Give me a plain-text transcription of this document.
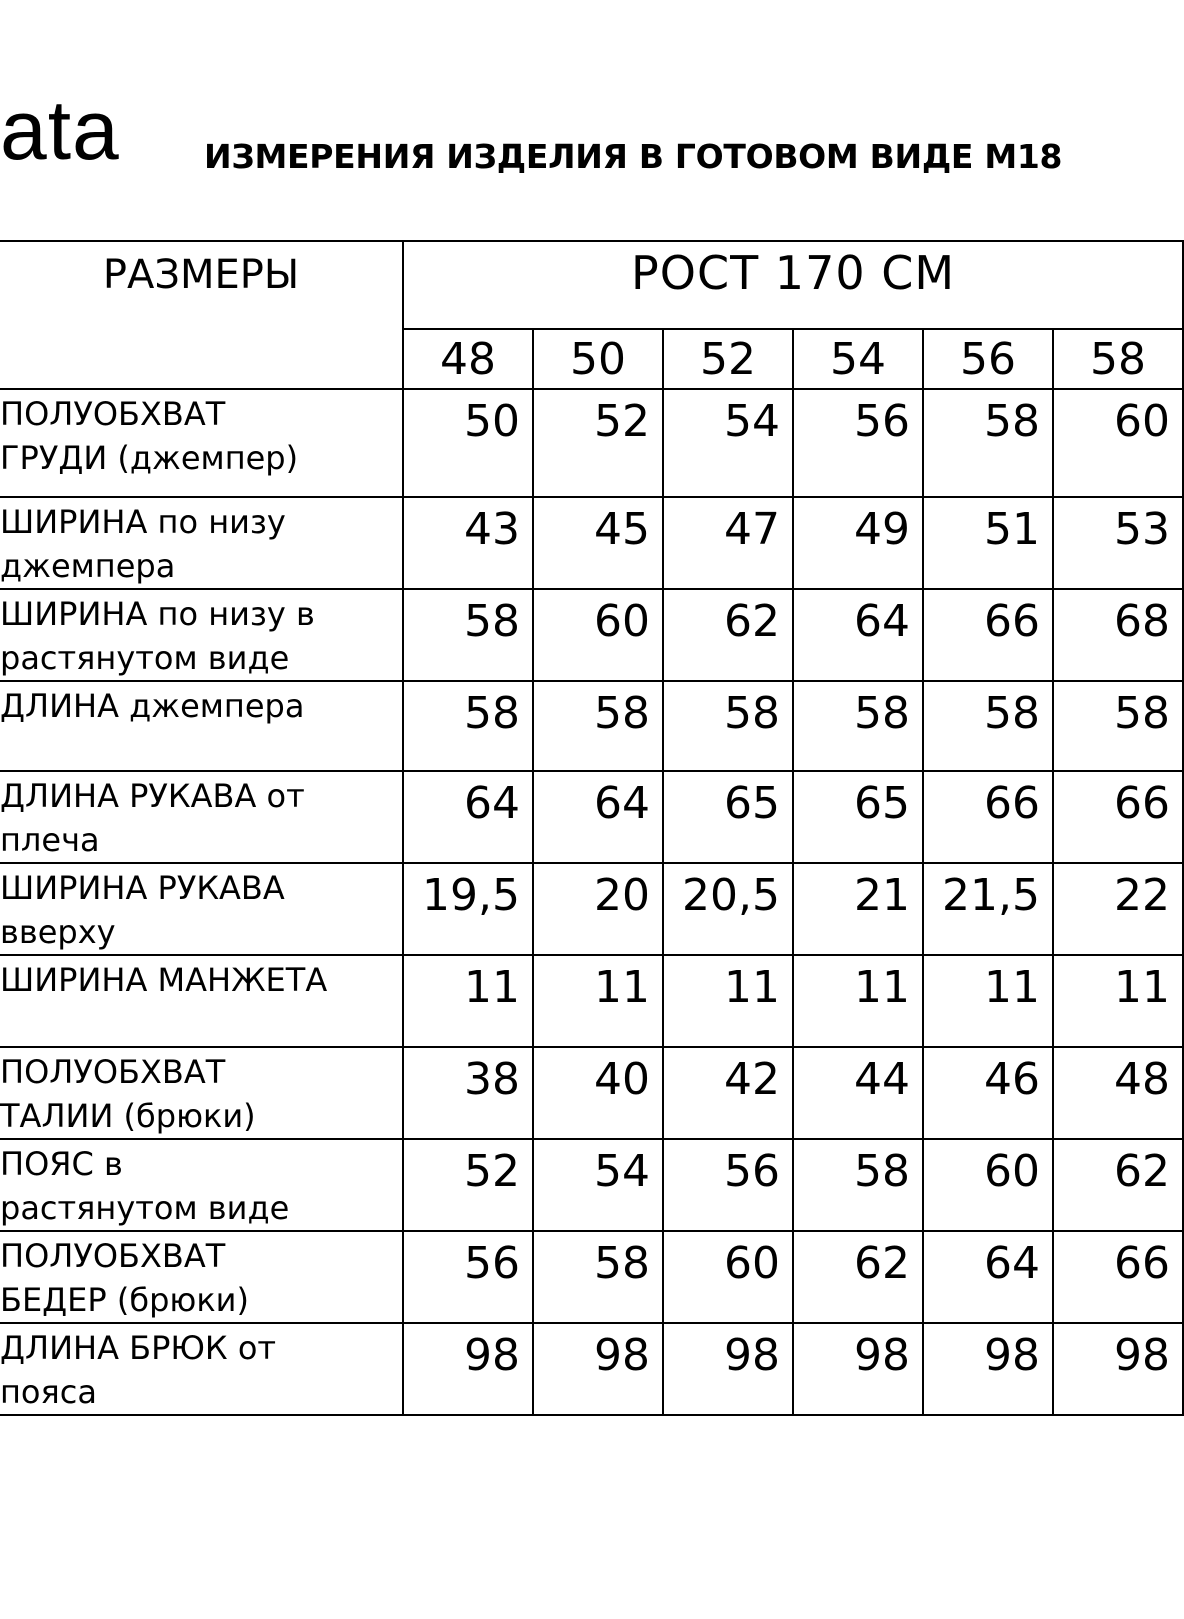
ata	ИЗМЕРЕНИЯ ИЗДЕЛИЯ В ГОТОВОМ ВИДЕ М18
РАЗМЕРЫ	РОСТ 170 СМ					
	48	50	52	54	56	58

ПОЛУОБХВАТ
ГРУДИ (джемпер)	50	52	54	56	58	60

ШИРИНА по низу
джемпера	43	45	47	49	51	53

ШИРИНА по низу в
растянутом виде	58	60	62	64	66	68

ДЛИНА джемпера	58	58	58	58	58	58

ДЛИНА РУКАВА от
плеча	64	64	65	65	66	66

ШИРИНА РУКАВА
вверху	19,5	20	20,5	21	21,5	22

ШИРИНА МАНЖЕТА	11	11	11	11	11	11

ПОЛУОБХВАТ
ТАЛИИ (брюки)	38	40	42	44	46	48

ПОЯС в
растянутом виде	52	54	56	58	60	62

ПОЛУОБХВАТ
БЕДЕР (брюки)	56	58	60	62	64	66

ДЛИНА БРЮК от
пояса	98	98	98	98	98	98
